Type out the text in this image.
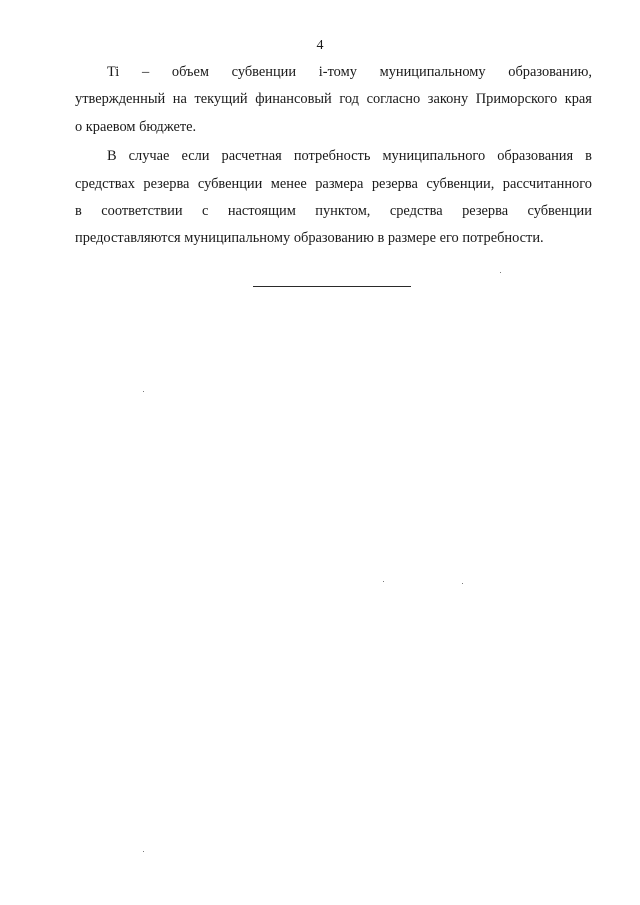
4

Ti – объем субвенции i-тому муниципальному образованию,
утвержденный на текущий финансовый год согласно закону Приморского края
о краевом бюджете.

В случае если расчетная потребность муниципального образования в
средствах резерва субвенции менее размера резерва субвенции, рассчитанного
в соответствии с настоящим пунктом, средства резерва субвенции
предоставляются муниципальному образованию в размере его потребности.
